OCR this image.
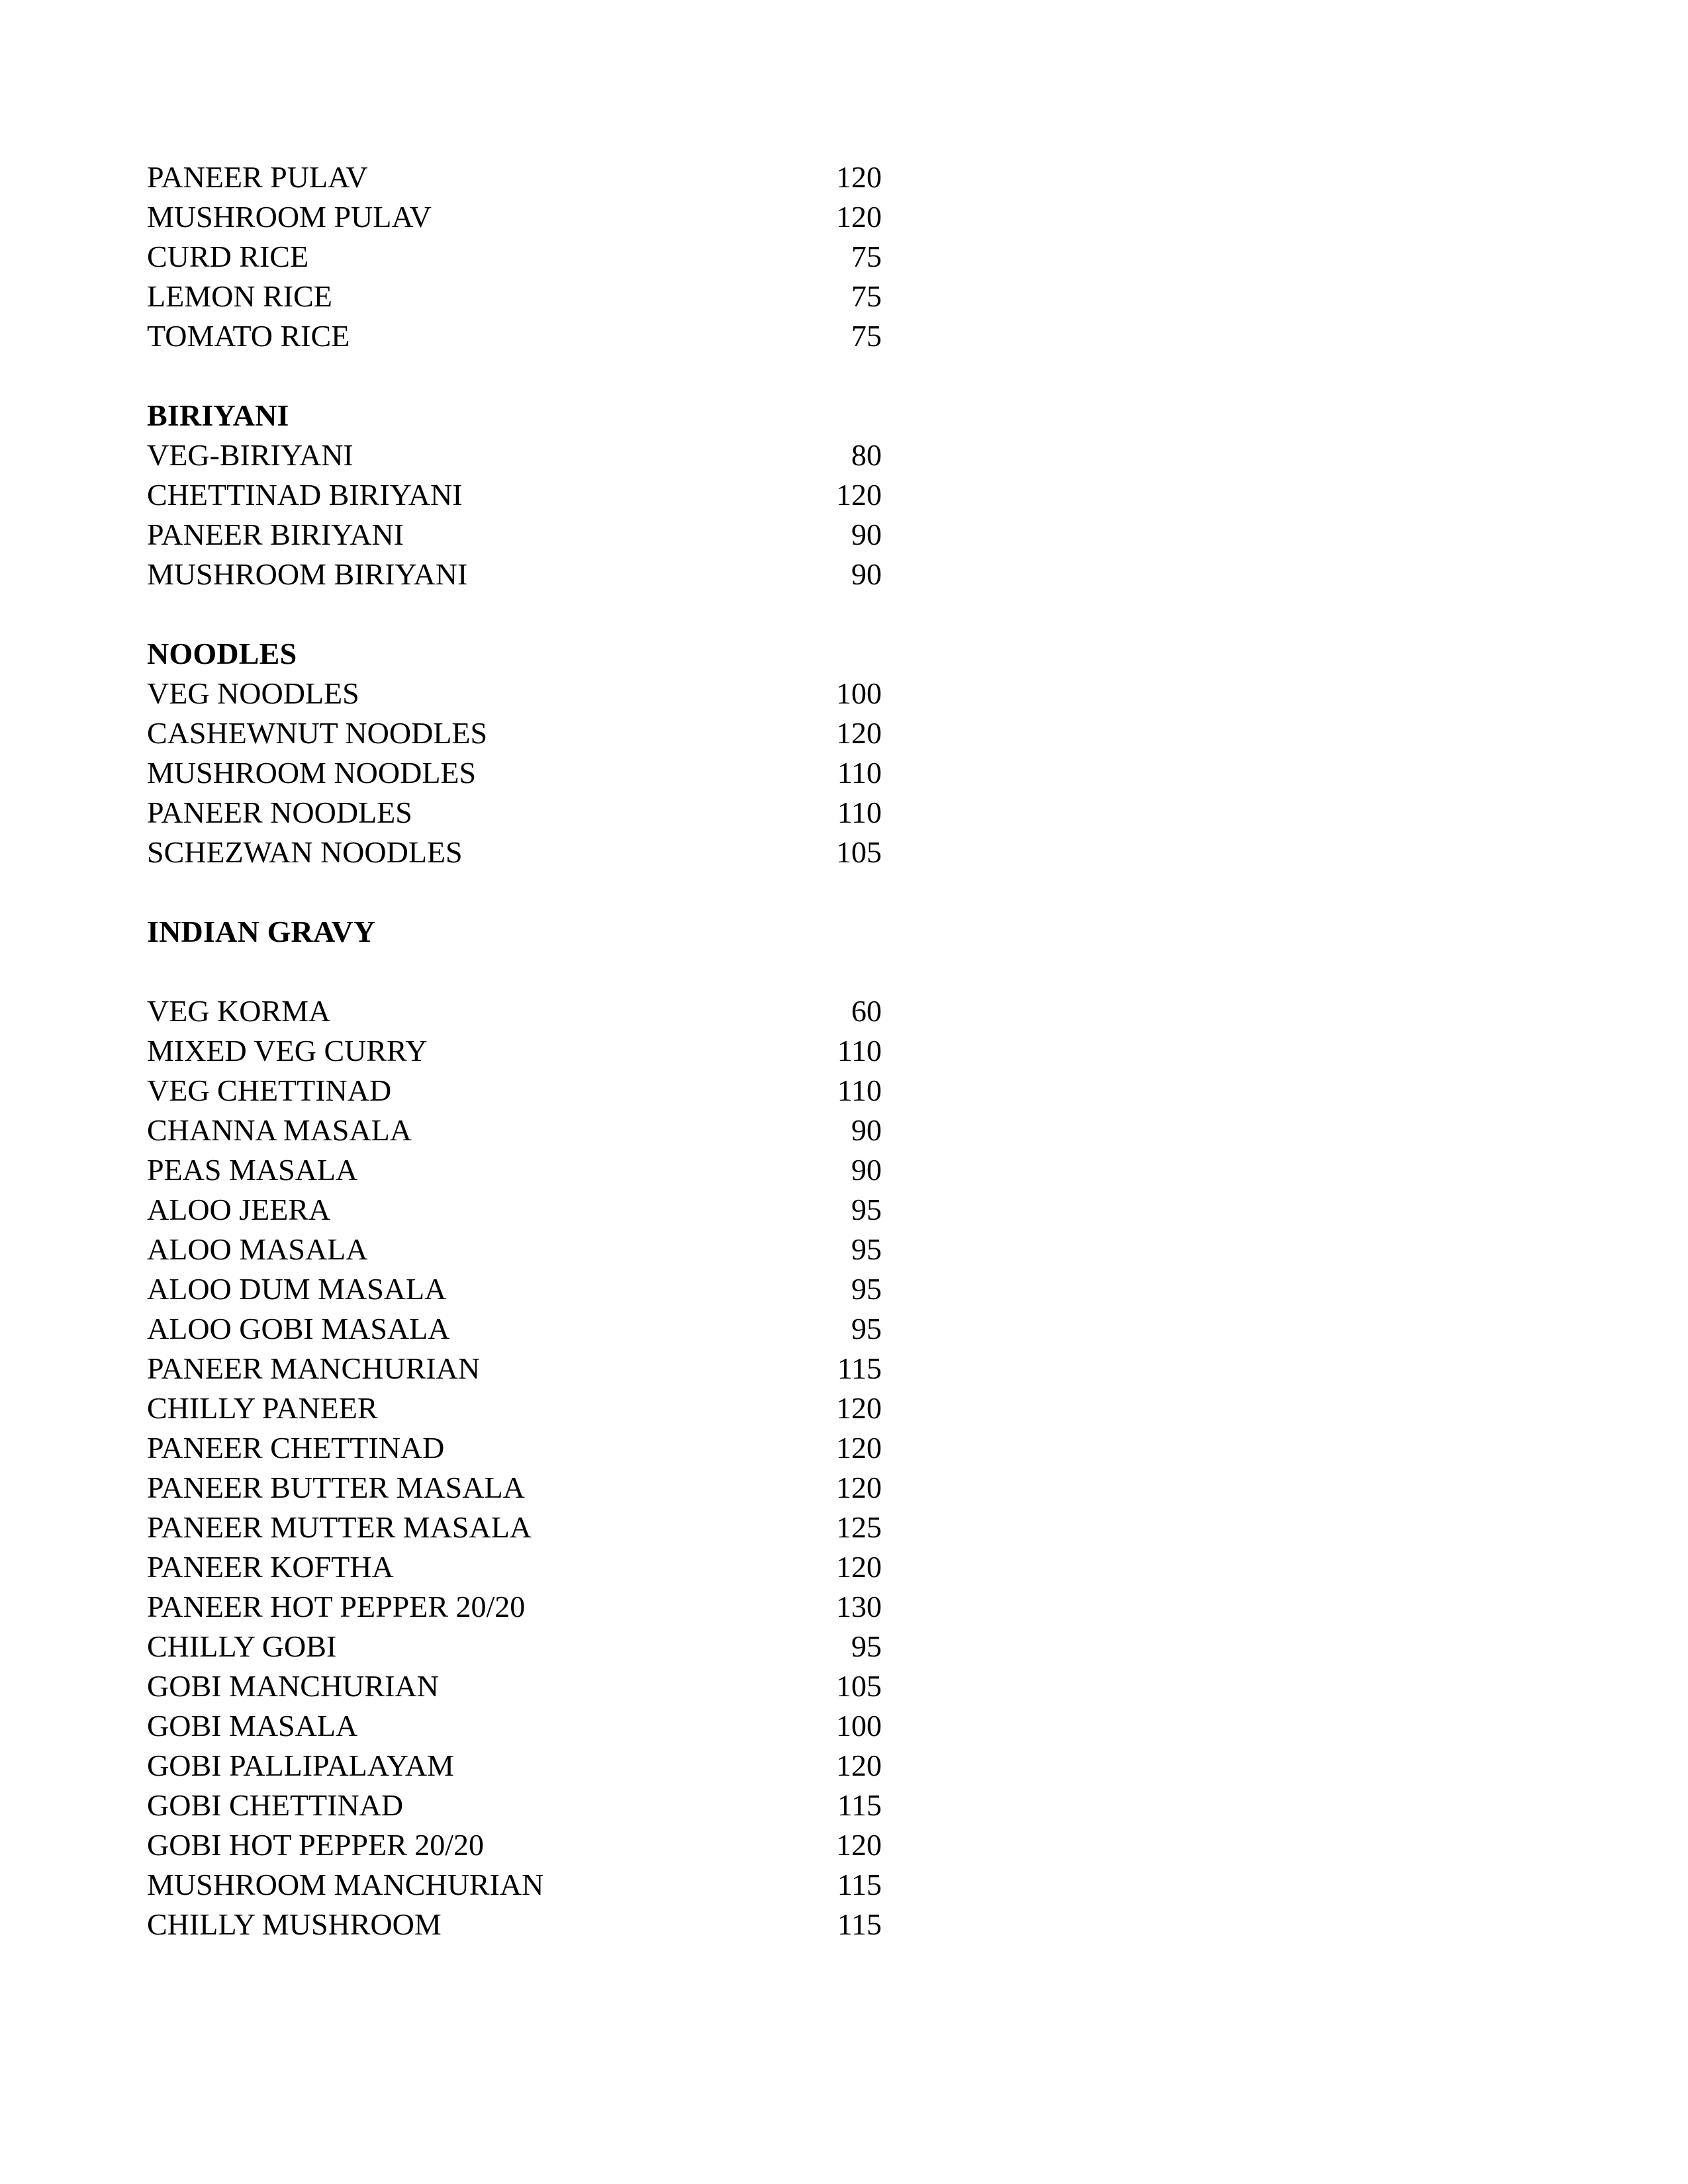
PANEER PULAV	120
MUSHROOM PULAV	120
CURD RICE	75
LEMON RICE	75
TOMATO RICE	75

BIRIYANI
VEG-BIRIYANI	80
CHETTINAD BIRIYANI	120
PANEER BIRIYANI	90
MUSHROOM BIRIYANI	90

NOODLES
VEG NOODLES	100
CASHEWNUT NOODLES	120
MUSHROOM NOODLES	110
PANEER NOODLES	110
SCHEZWAN NOODLES	105

INDIAN GRAVY

VEG KORMA	60
MIXED VEG CURRY	110
VEG CHETTINAD	110
CHANNA MASALA	90
PEAS MASALA	90
ALOO JEERA	95
ALOO MASALA	95
ALOO DUM MASALA	95
ALOO GOBI MASALA	95
PANEER MANCHURIAN	115
CHILLY PANEER	120
PANEER CHETTINAD	120
PANEER BUTTER MASALA	120
PANEER MUTTER MASALA	125
PANEER KOFTHA	120
PANEER HOT PEPPER 20/20	130
CHILLY GOBI	95
GOBI MANCHURIAN	105
GOBI MASALA	100
GOBI PALLIPALAYAM	120
GOBI CHETTINAD	115
GOBI HOT PEPPER 20/20	120
MUSHROOM MANCHURIAN	115
CHILLY MUSHROOM	115
